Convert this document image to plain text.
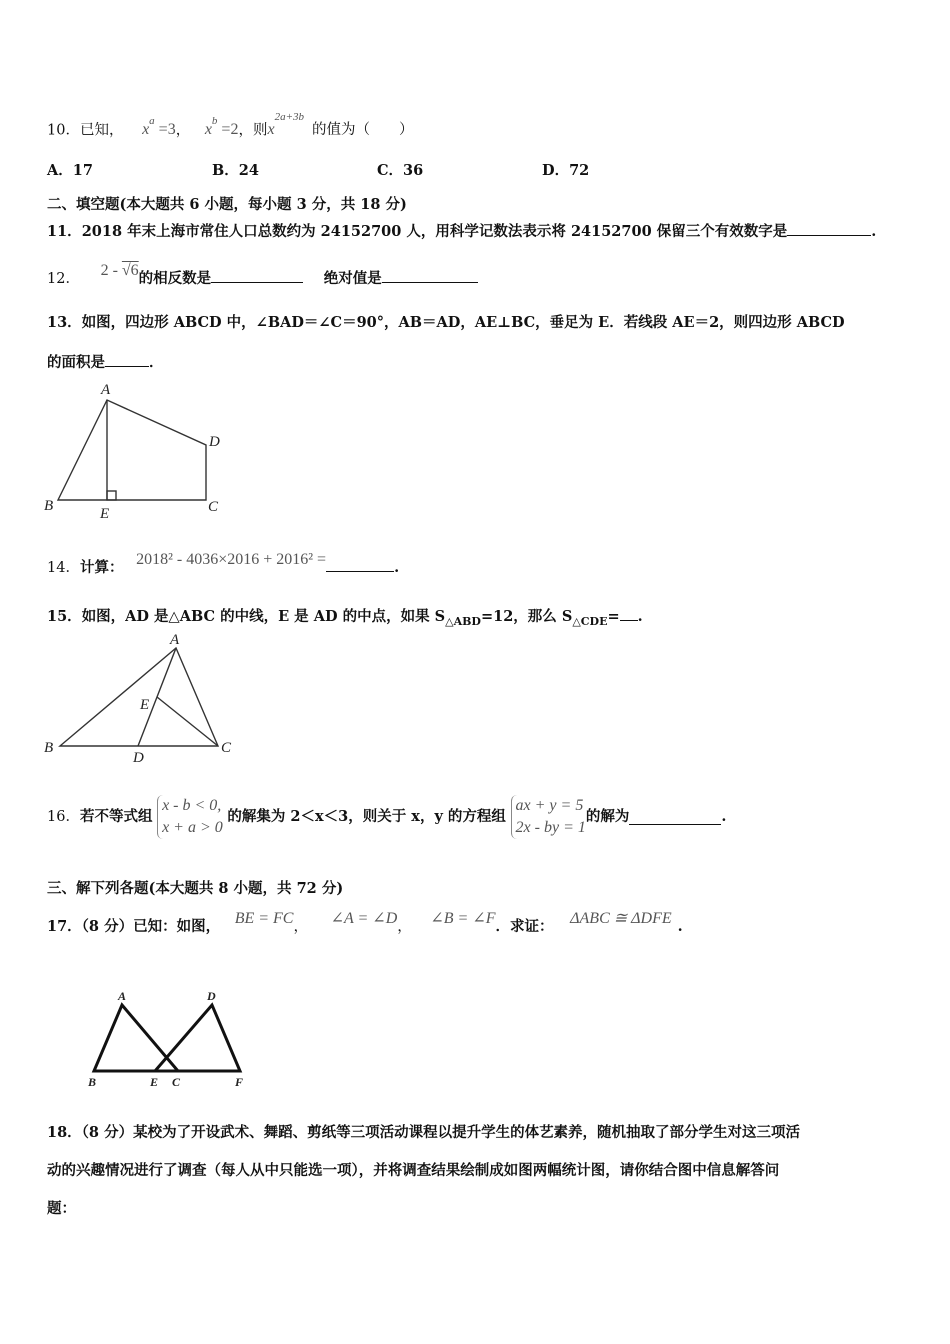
10．已知， $x^a =3$， $x^b =2$，则$x^{2a+3b}$的值为（　　）
A．17	B．24	C．36	D．72
二、填空题(本大题共 6 小题，每小题 3 分，共 18 分)
11．2018 年末上海市常住人口总数约为 24152700 人，用科学记数法表示将 24152700 保留三个有效数字是	.
12． 2 - √6的相反数是	绝对值是
13．如图，四边形 ABCD 中，∠BAD＝∠C＝90°，AB＝AD，AE⊥BC，垂足为 E．若线段 AE＝2，则四边形 ABCD
的面积是	．
A
D
B	E	C
14．计算： 2018² - 4036×2016 + 2016² =	.
15．如图，AD 是△ABC 的中线，E 是 AD 的中点，如果 $S_{\triangle ABD}=12$，那么 $S_{\triangle CDE}=$ .
A
E
B
D
C
16．若不等式组
x - b < 0,
x + a > 0
的解集为 2＜x＜3，则关于 x，y 的方程组
ax + y = 5
2x - by = 1
的解为	.
三、解下列各题(本大题共 8 小题，共 72 分)
17．（8 分）已知：如图， BE = FC， ∠A = ∠D， ∠B = ∠F．求证： ΔABC ≅ ΔDFE .
A	D
B	E C	F
18．（8 分）某校为了开设武术、舞蹈、剪纸等三项活动课程以提升学生的体艺素养，随机抽取了部分学生对这三项活
动的兴趣情况进行了调查（每人从中只能选一项），并将调查结果绘制成如图两幅统计图，请你结合图中信息解答问
题：
